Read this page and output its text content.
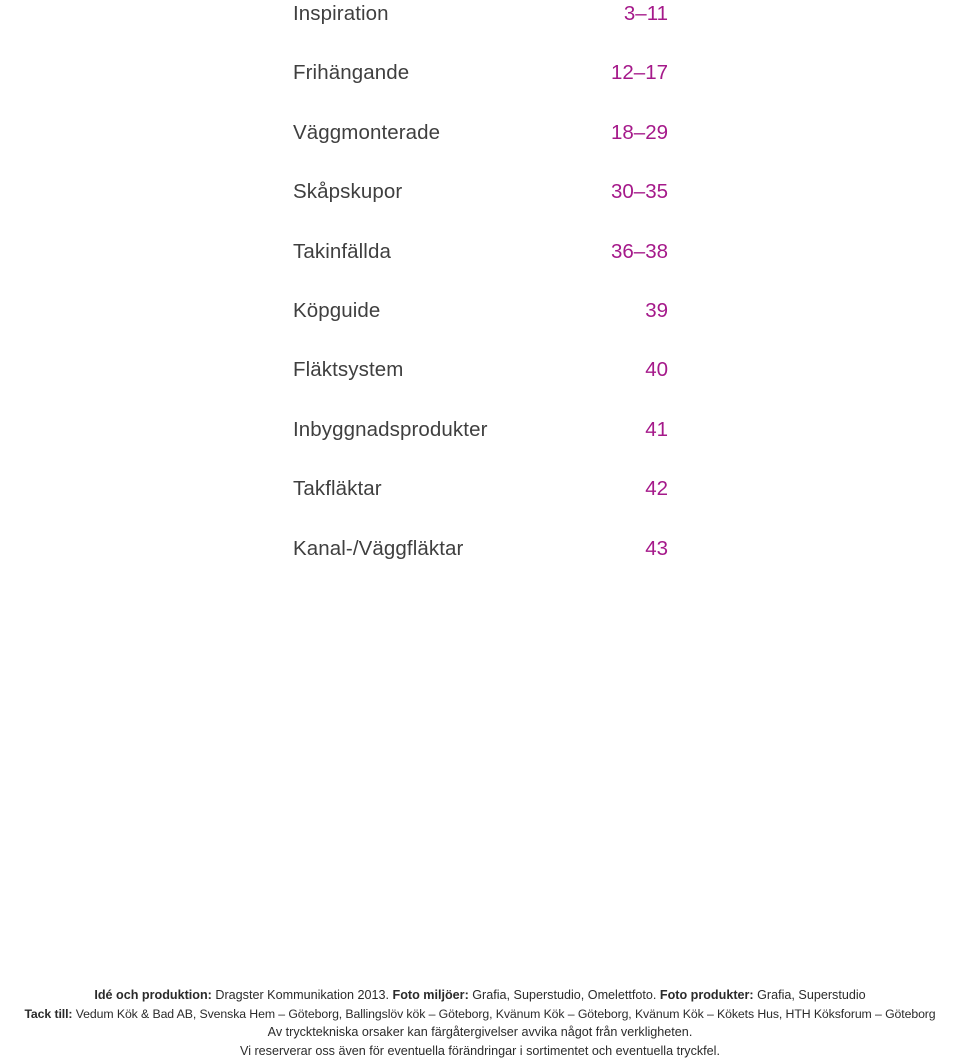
Inspiration	3–11
Frihängande	12–17
Väggmonterade	18–29
Skåpskupor	30–35
Takinfällda	36–38
Köpguide	39
Fläktsystem	40
Inbyggnadsprodukter	41
Takfläktar	42
Kanal-/Väggfläktar	43
Idé och produktion: Dragster Kommunikation 2013. Foto miljöer: Grafia, Superstudio, Omelettfoto. Foto produkter: Grafia, Superstudio
Tack till: Vedum Kök & Bad AB, Svenska Hem – Göteborg, Ballingslöv kök – Göteborg, Kvänum Kök – Göteborg, Kvänum Kök – Kökets Hus, HTH Köksforum – Göteborg
Av trycktekniska orsaker kan färgåtergivelser avvika något från verkligheten.
Vi reserverar oss även för eventuella förändringar i sortimentet och eventuella tryckfel.
